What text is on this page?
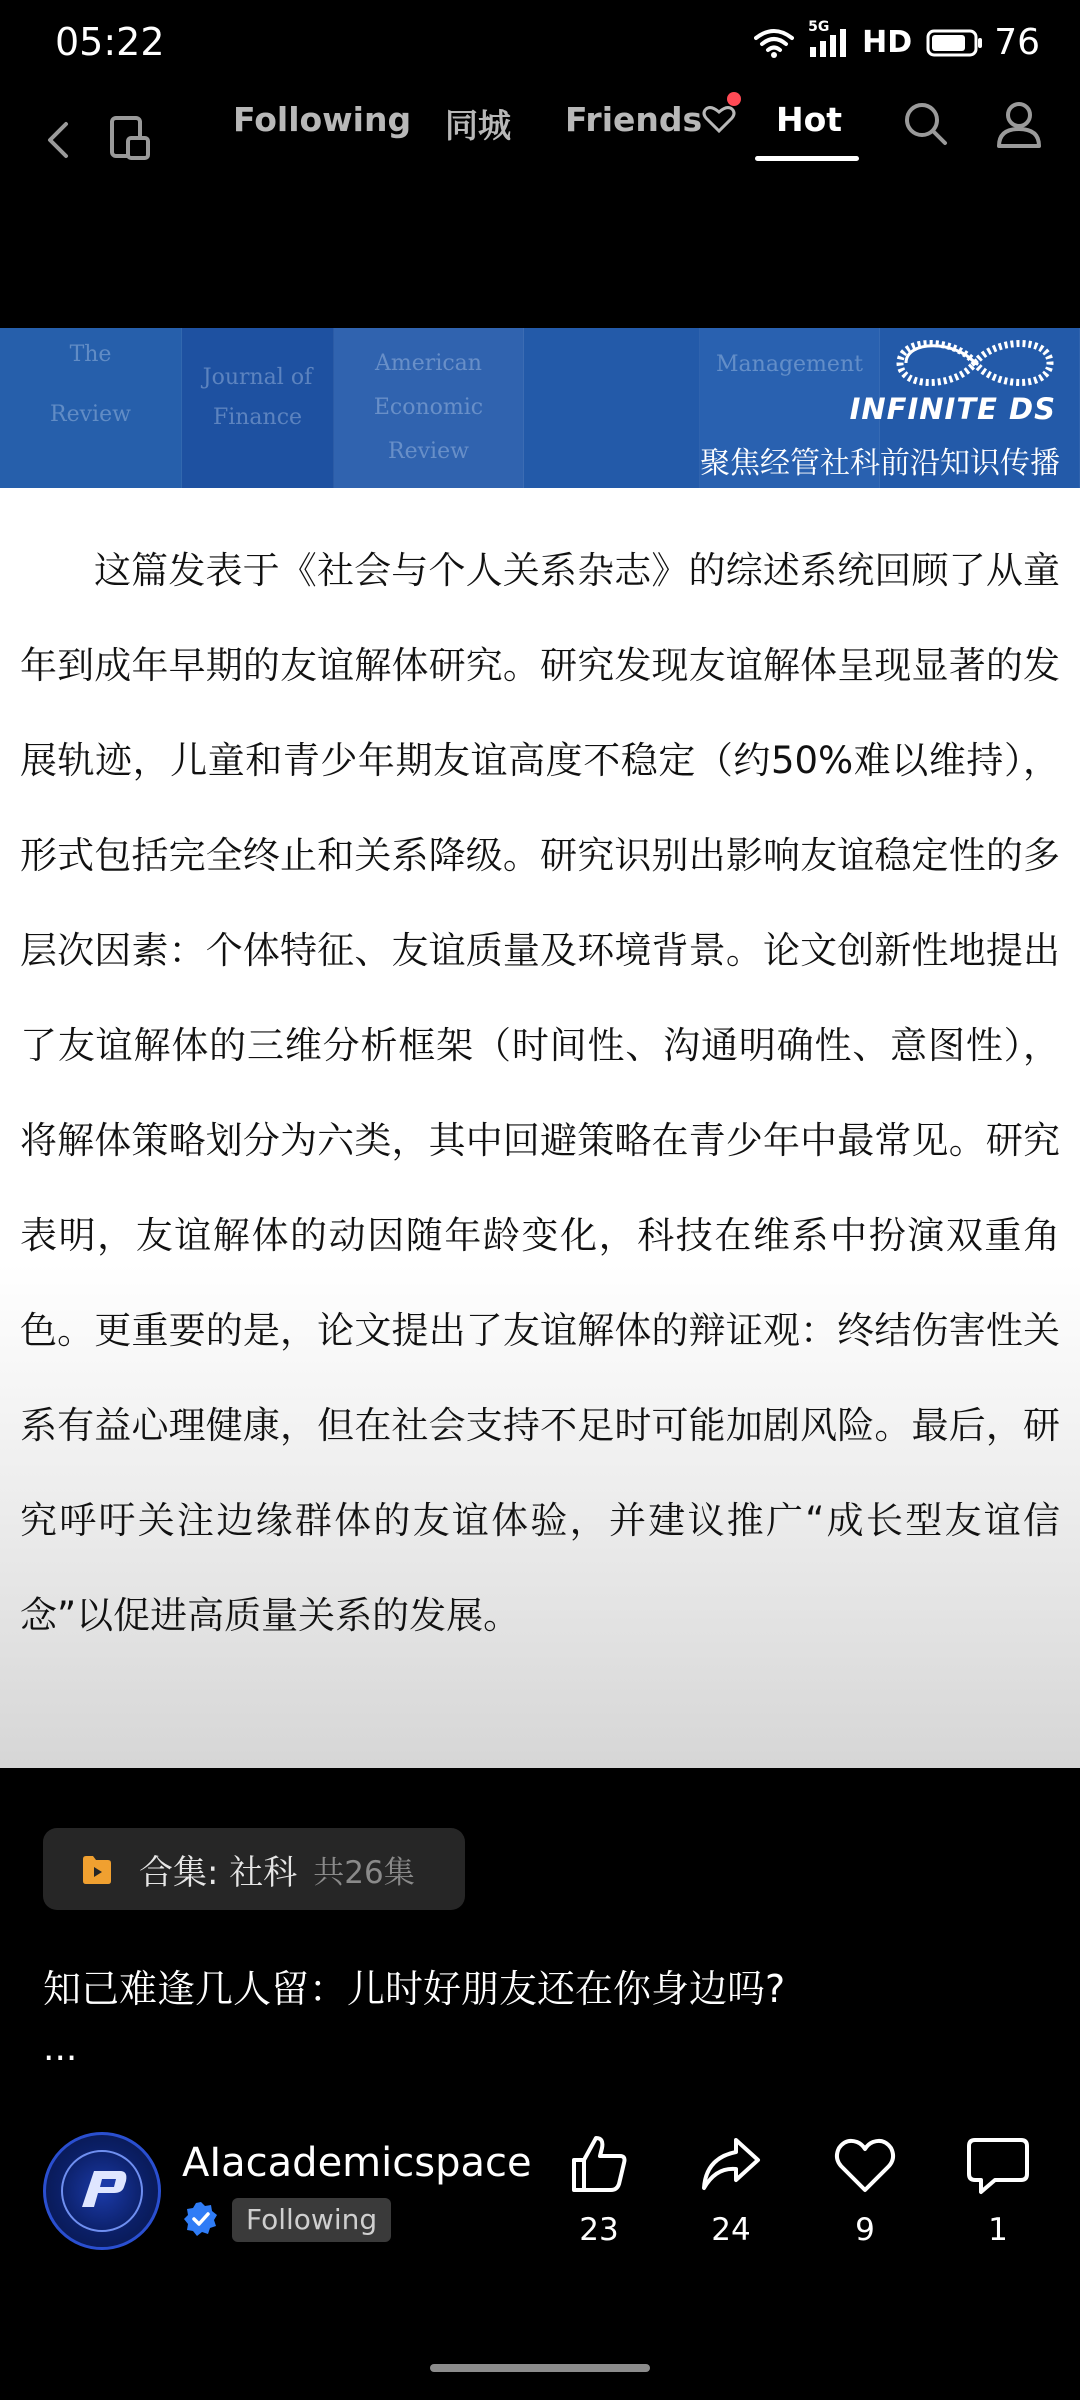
05:22	5G HD 76
Following 同城 Friends	Hot
The

Review
Journal of
Finance
American
Economic
Review
Management
INFINITE DS
聚焦经管社科前沿知识传播
这篇发表于《社会与个人关系杂志》的综述系统回顾了从童年到成年早期的友谊解体研究。研究发现友谊解体呈现显著的发展轨迹，儿童和青少年期友谊高度不稳定（约50%难以维持），形式包括完全终止和关系降级。研究识别出影响友谊稳定性的多层次因素：个体特征、友谊质量及环境背景。论文创新性地提出了友谊解体的三维分析框架（时间性、沟通明确性、意图性），将解体策略划分为六类，其中回避策略在青少年中最常见。研究表明，友谊解体的动因随年龄变化，科技在维系中扮演双重角色。更重要的是，论文提出了友谊解体的辩证观：终结伤害性关系有益心理健康，但在社会支持不足时可能加剧风险。最后，研究呼吁关注边缘群体的友谊体验，并建议推广“成长型友谊信念”以促进高质量关系的发展。
合集: 社科 共26集
知己难逢几人留：儿时好朋友还在你身边吗?
...
AIacademicspace
Following	23	24	9	1
